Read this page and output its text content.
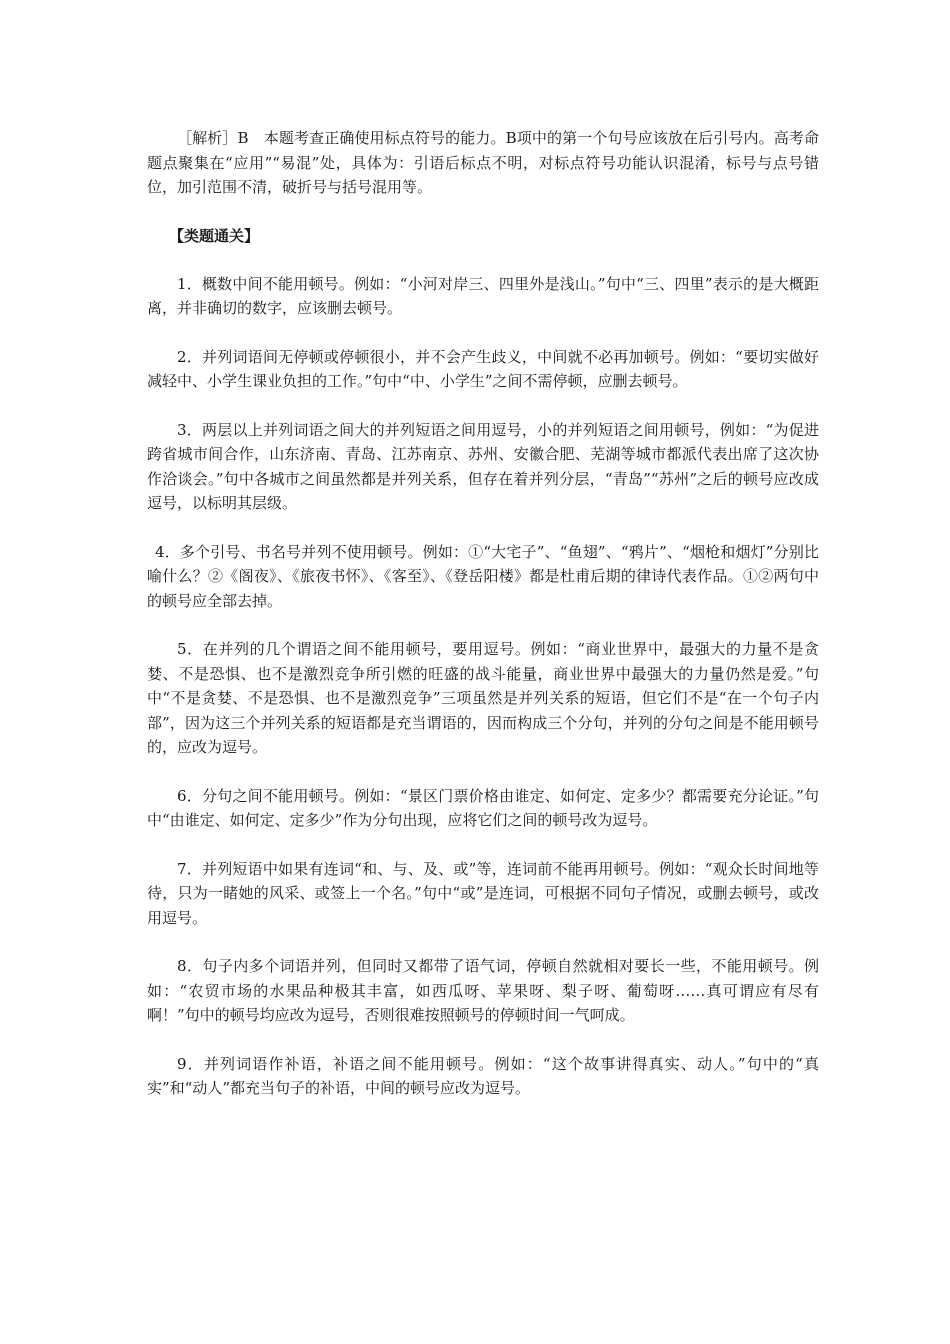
［解析］B　本题考查正确使用标点符号的能力。B项中的第一个句号应该放在后引号内。高考命题点聚集在“应用”“易混”处，具体为：引语后标点不明，对标点符号功能认识混淆，标号与点号错位，加引范围不清，破折号与括号混用等。

【类题通关】

1．概数中间不能用顿号。例如：“小河对岸三、四里外是浅山。”句中“三、四里”表示的是大概距离，并非确切的数字，应该删去顿号。

2．并列词语间无停顿或停顿很小，并不会产生歧义，中间就不必再加顿号。例如：“要切实做好减轻中、小学生课业负担的工作。”句中“中、小学生”之间不需停顿，应删去顿号。

3．两层以上并列词语之间大的并列短语之间用逗号，小的并列短语之间用顿号，例如：“为促进跨省城市间合作，山东济南、青岛、江苏南京、苏州、安徽合肥、芜湖等城市都派代表出席了这次协作洽谈会。”句中各城市之间虽然都是并列关系，但存在着并列分层，“青岛”“苏州”之后的顿号应改成逗号，以标明其层级。

4．多个引号、书名号并列不使用顿号。例如：①“大宅子”、“鱼翅”、“鸦片”、“烟枪和烟灯”分别比喻什么？②《阁夜》、《旅夜书怀》、《客至》、《登岳阳楼》都是杜甫后期的律诗代表作品。①②两句中的顿号应全部去掉。

5．在并列的几个谓语之间不能用顿号，要用逗号。例如：“商业世界中，最强大的力量不是贪婪、不是恐惧、也不是激烈竞争所引燃的旺盛的战斗能量，商业世界中最强大的力量仍然是爱。”句中“不是贪婪、不是恐惧、也不是激烈竞争”三项虽然是并列关系的短语，但它们不是“在一个句子内部”，因为这三个并列关系的短语都是充当谓语的，因而构成三个分句，并列的分句之间是不能用顿号的，应改为逗号。

6．分句之间不能用顿号。例如：“景区门票价格由谁定、如何定、定多少？都需要充分论证。”句中“由谁定、如何定、定多少”作为分句出现，应将它们之间的顿号改为逗号。

7．并列短语中如果有连词“和、与、及、或”等，连词前不能再用顿号。例如：“观众长时间地等待，只为一睹她的风采、或签上一个名。”句中“或”是连词，可根据不同句子情况，或删去顿号，或改用逗号。

8．句子内多个词语并列，但同时又都带了语气词，停顿自然就相对要长一些，不能用顿号。例如：“农贸市场的水果品种极其丰富，如西瓜呀、苹果呀、梨子呀、葡萄呀……真可谓应有尽有啊！”句中的顿号均应改为逗号，否则很难按照顿号的停顿时间一气呵成。

9．并列词语作补语，补语之间不能用顿号。例如：“这个故事讲得真实、动人。”句中的“真实”和“动人”都充当句子的补语，中间的顿号应改为逗号。
